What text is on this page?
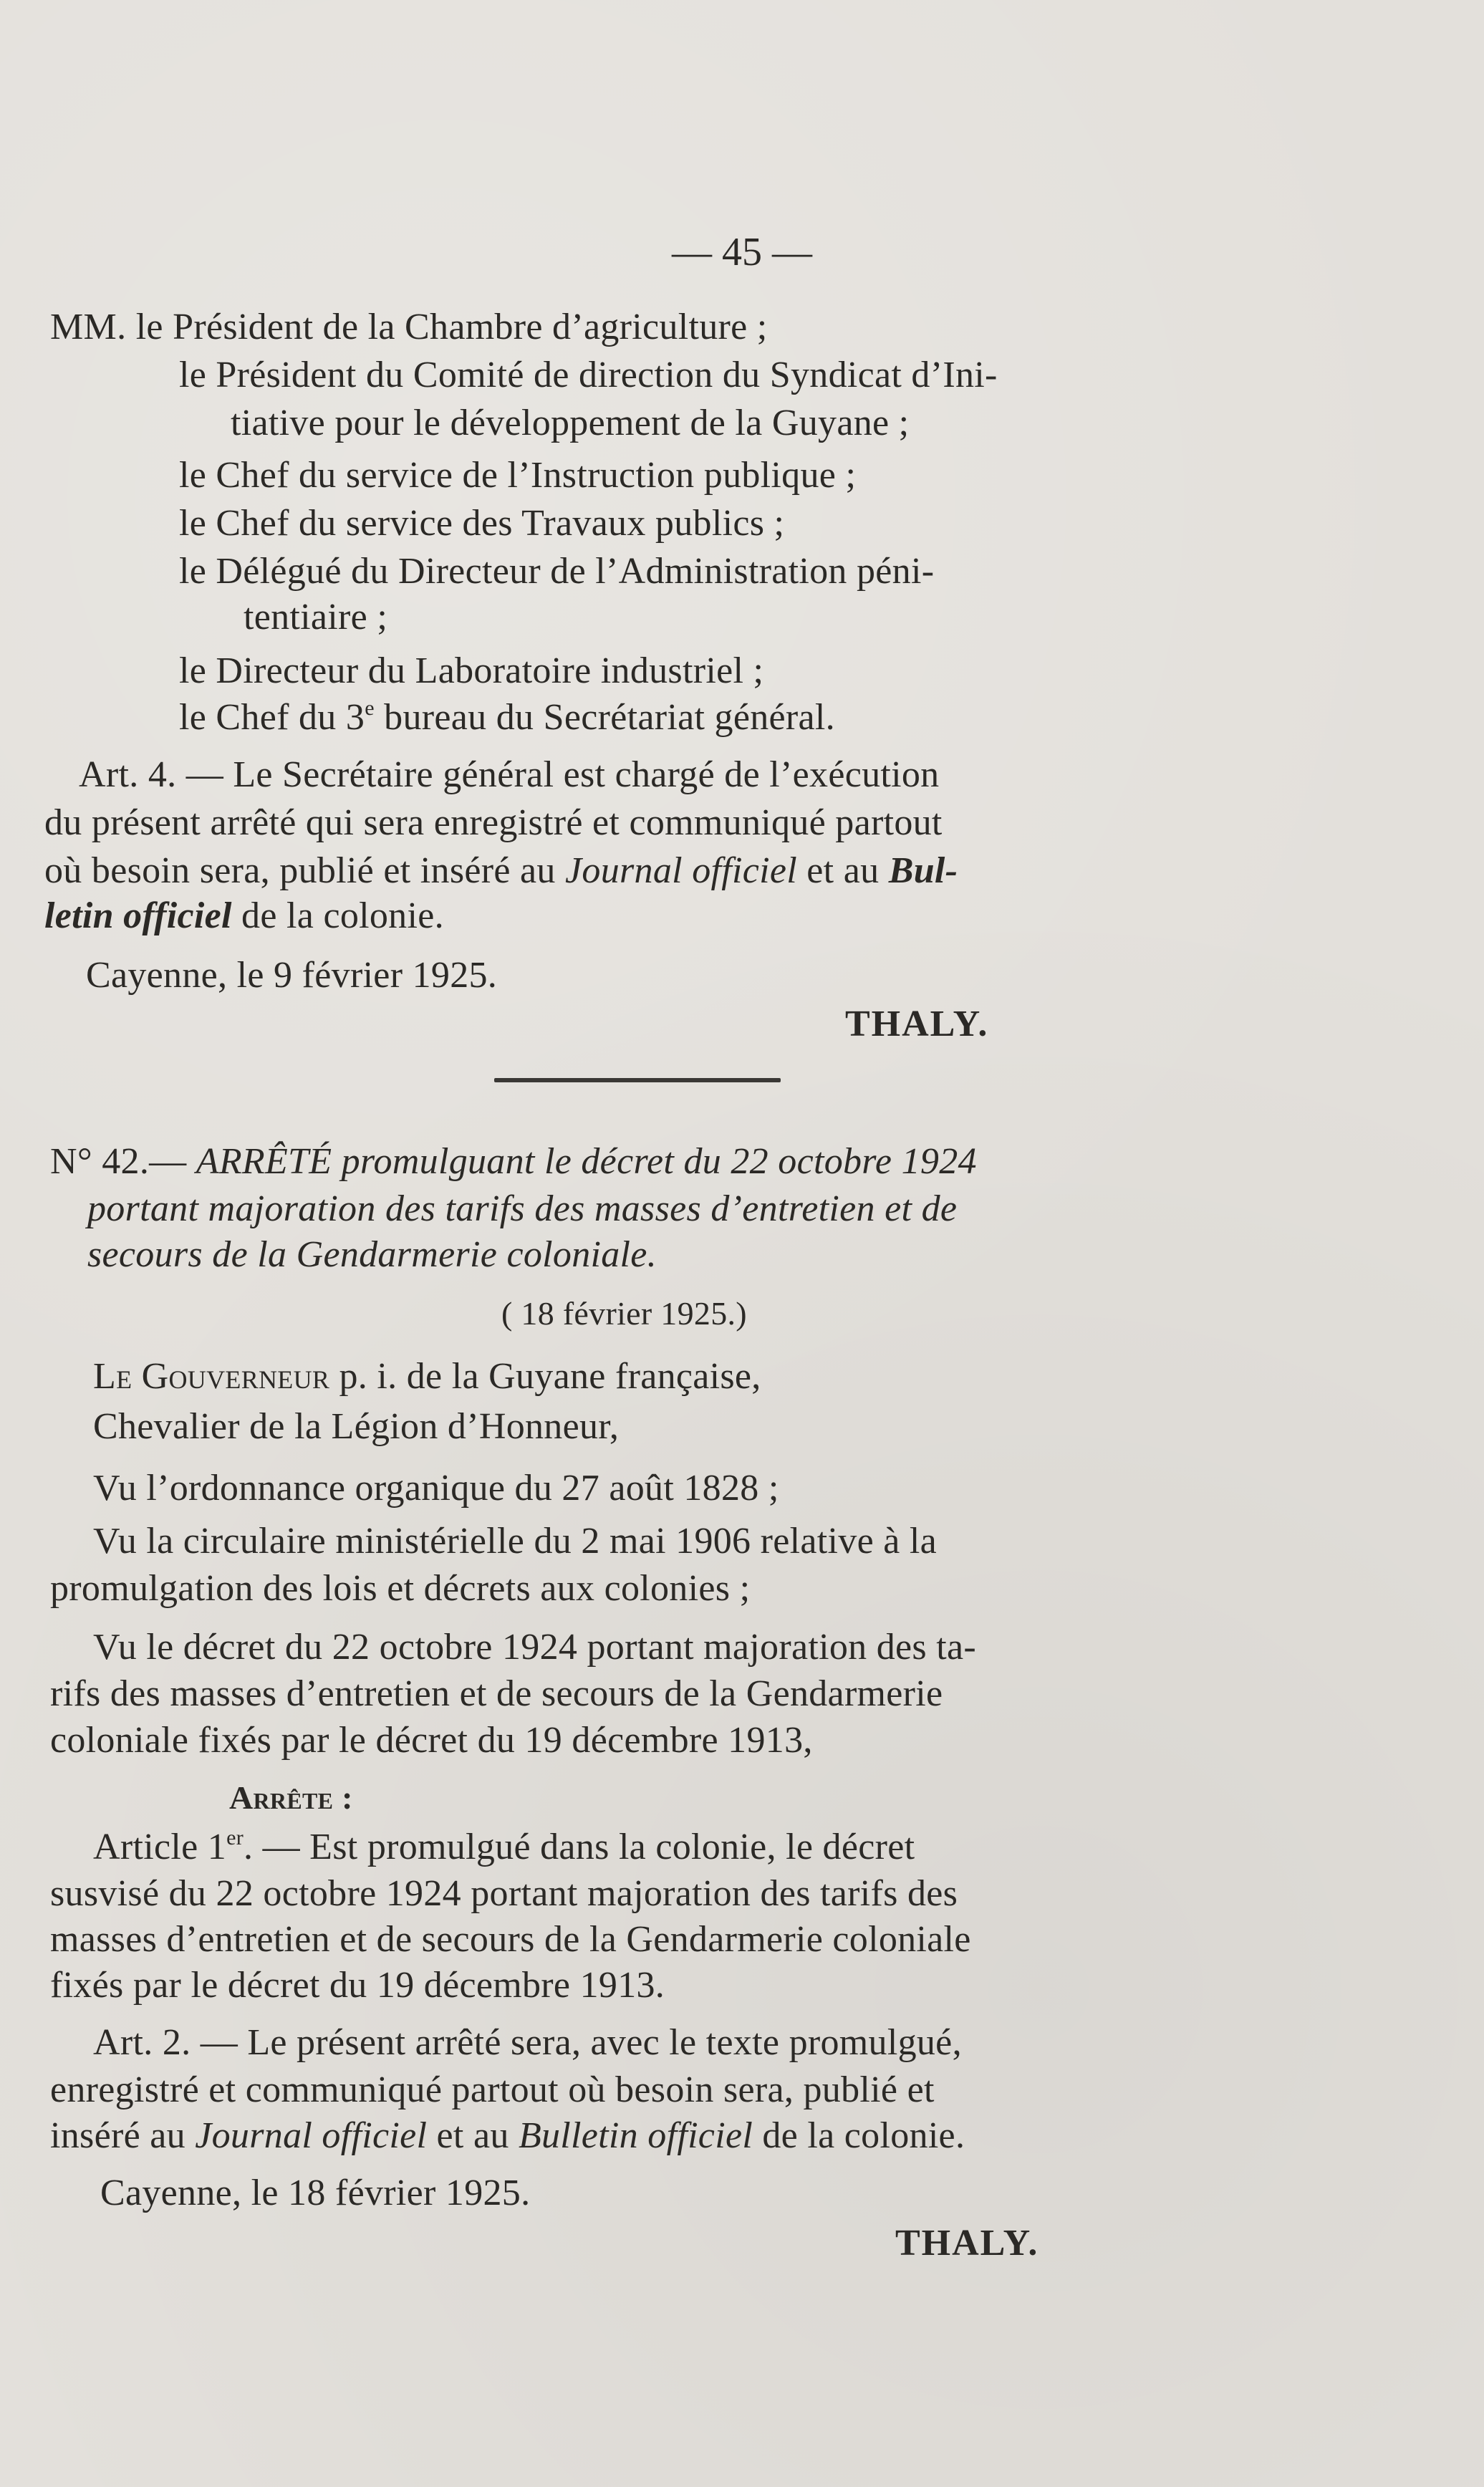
— 45 —
MM. le Président de la Chambre d’agriculture ;
le Président du Comité de direction du Syndicat d’Ini-
tiative pour le développement de la Guyane ;
le Chef du service de l’Instruction publique ;
le Chef du service des Travaux publics ;
le Délégué du Directeur de l’Administration péni-
tentiaire ;
le Directeur du Laboratoire industriel ;
le Chef du 3e bureau du Secrétariat général.
Art. 4. — Le Secrétaire général est chargé de l’exécution
du présent arrêté qui sera enregistré et communiqué partout
où besoin sera, publié et inséré au Journal officiel et au Bul-
letin officiel de la colonie.
Cayenne, le 9 février 1925.
THALY.
N° 42.— ARRÊTÉ promulguant le décret du 22 octobre 1924
portant majoration des tarifs des masses d’entretien et de
secours de la Gendarmerie coloniale.
( 18 février 1925.)
Le Gouverneur p. i. de la Guyane française,
Chevalier de la Légion d’Honneur,
Vu l’ordonnance organique du 27 août 1828 ;
Vu la circulaire ministérielle du 2 mai 1906 relative à la
promulgation des lois et décrets aux colonies ;
Vu le décret du 22 octobre 1924 portant majoration des ta-
rifs des masses d’entretien et de secours de la Gendarmerie
coloniale fixés par le décret du 19 décembre 1913,
Arrête :
Article 1er. — Est promulgué dans la colonie, le décret
susvisé du 22 octobre 1924 portant majoration des tarifs des
masses d’entretien et de secours de la Gendarmerie coloniale
fixés par le décret du 19 décembre 1913.
Art. 2. — Le présent arrêté sera, avec le texte promulgué,
enregistré et communiqué partout où besoin sera, publié et
inséré au Journal officiel et au Bulletin officiel de la colonie.
Cayenne, le 18 février 1925.
THALY.
